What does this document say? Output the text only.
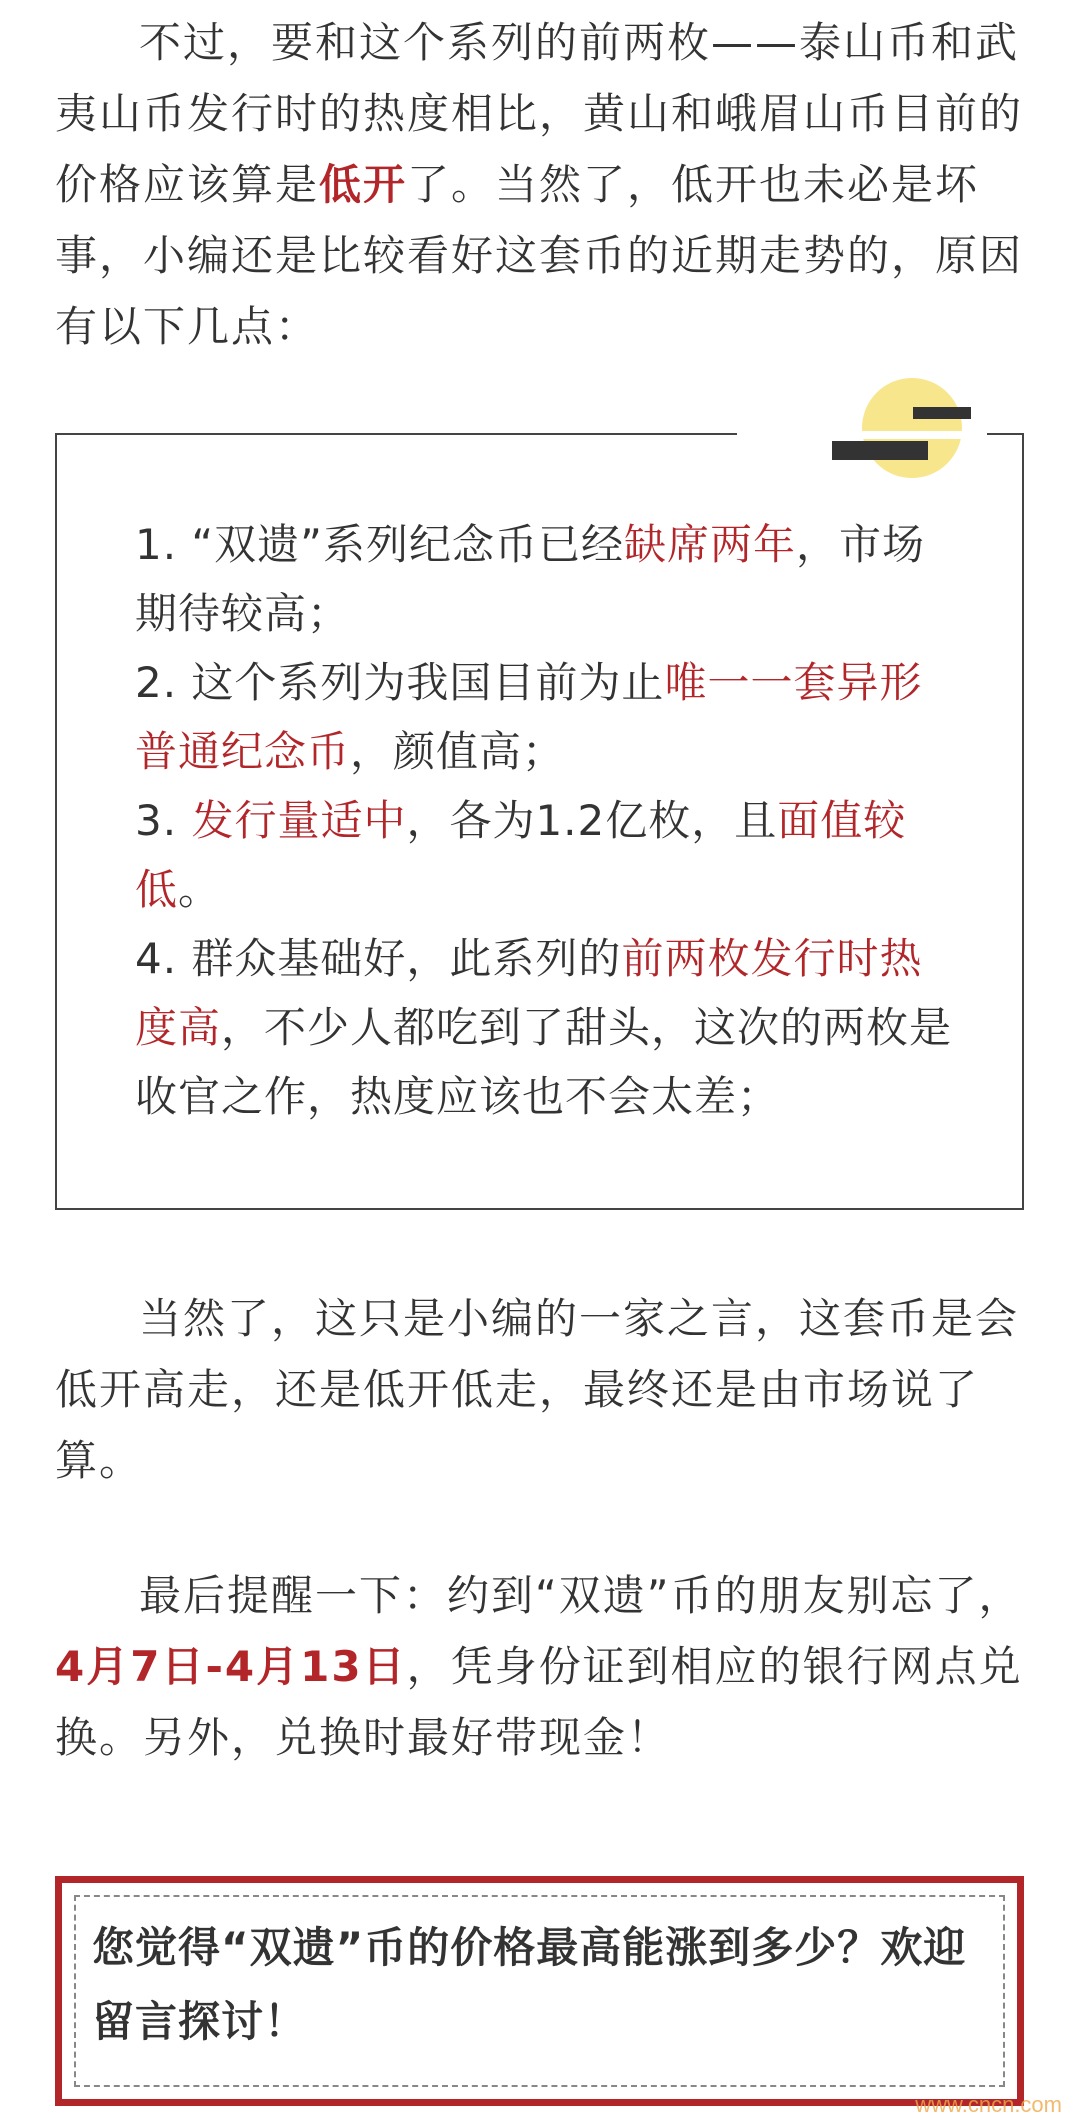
不过，要和这个系列的前两枚——泰山币和武夷山币发行时的热度相比，黄山和峨眉山币目前的价格应该算是低开了。当然了，低开也未必是坏事，小编还是比较看好这套币的近期走势的，原因有以下几点：

1. “双遗”系列纪念币已经缺席两年，市场期待较高；

2. 这个系列为我国目前为止唯一一套异形普通纪念币，颜值高；

3. 发行量适中，各为1.2亿枚，且面值较低。

4. 群众基础好，此系列的前两枚发行时热度高，不少人都吃到了甜头，这次的两枚是收官之作，热度应该也不会太差；

当然了，这只是小编的一家之言，这套币是会低开高走，还是低开低走，最终还是由市场说了算。

最后提醒一下：约到“双遗”币的朋友别忘了，4月7日-4月13日，凭身份证到相应的银行网点兑换。另外，兑换时最好带现金！

您觉得“双遗”币的价格最高能涨到多少？欢迎留言探讨！

www.cncn.com
